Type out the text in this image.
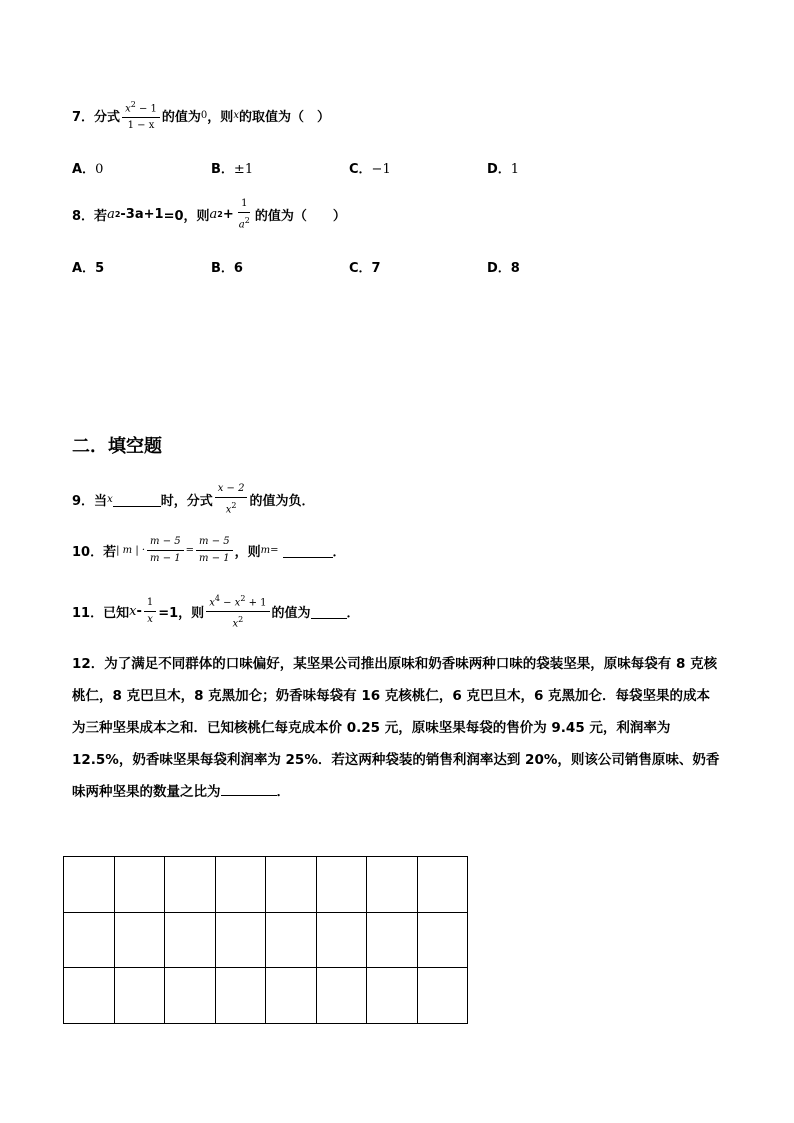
7． 分式 $\frac{x^2 - 1}{1 - x}$ 的值为 0 ，则 x 的取值为（　）
A．0	B．±1	C．−1	D．1
8． 若 a 2 -3a+1 =0，则 a $2 + \frac{1}{a^2}$ 的值为（　　）
A．5	B．6	C．7	D．8
二．填空题
9． 当 x	时，分式 $\frac{x - 2}{x^2}$ 的值为负．
10． 若 | m | · $\frac{m - 5}{m - 1} = \frac{m - 5}{m - 1}$ ，则 m =	．
11． 已知 $x - \frac{1}{x} =1$，则 $\frac{x^4 - x^2 + 1}{x^2}$ 的值为	．
12．为了满足不同群体的口味偏好，某坚果公司推出原味和奶香味两种口味的袋装坚果，原味每袋有 8 克核桃仁，8 克巴旦木，8 克黑加仑；奶香味每袋有 16 克核桃仁，6 克巴旦木，6 克黑加仑．每袋坚果的成本为三种坚果成本之和．已知核桃仁每克成本价 0.25 元，原味坚果每袋的售价为 9.45 元，利润率为 12.5%，奶香味坚果每袋利润率为 25%．若这两种袋装的销售利润率达到 20%，则该公司销售原味、奶香味两种坚果的数量之比为	．
